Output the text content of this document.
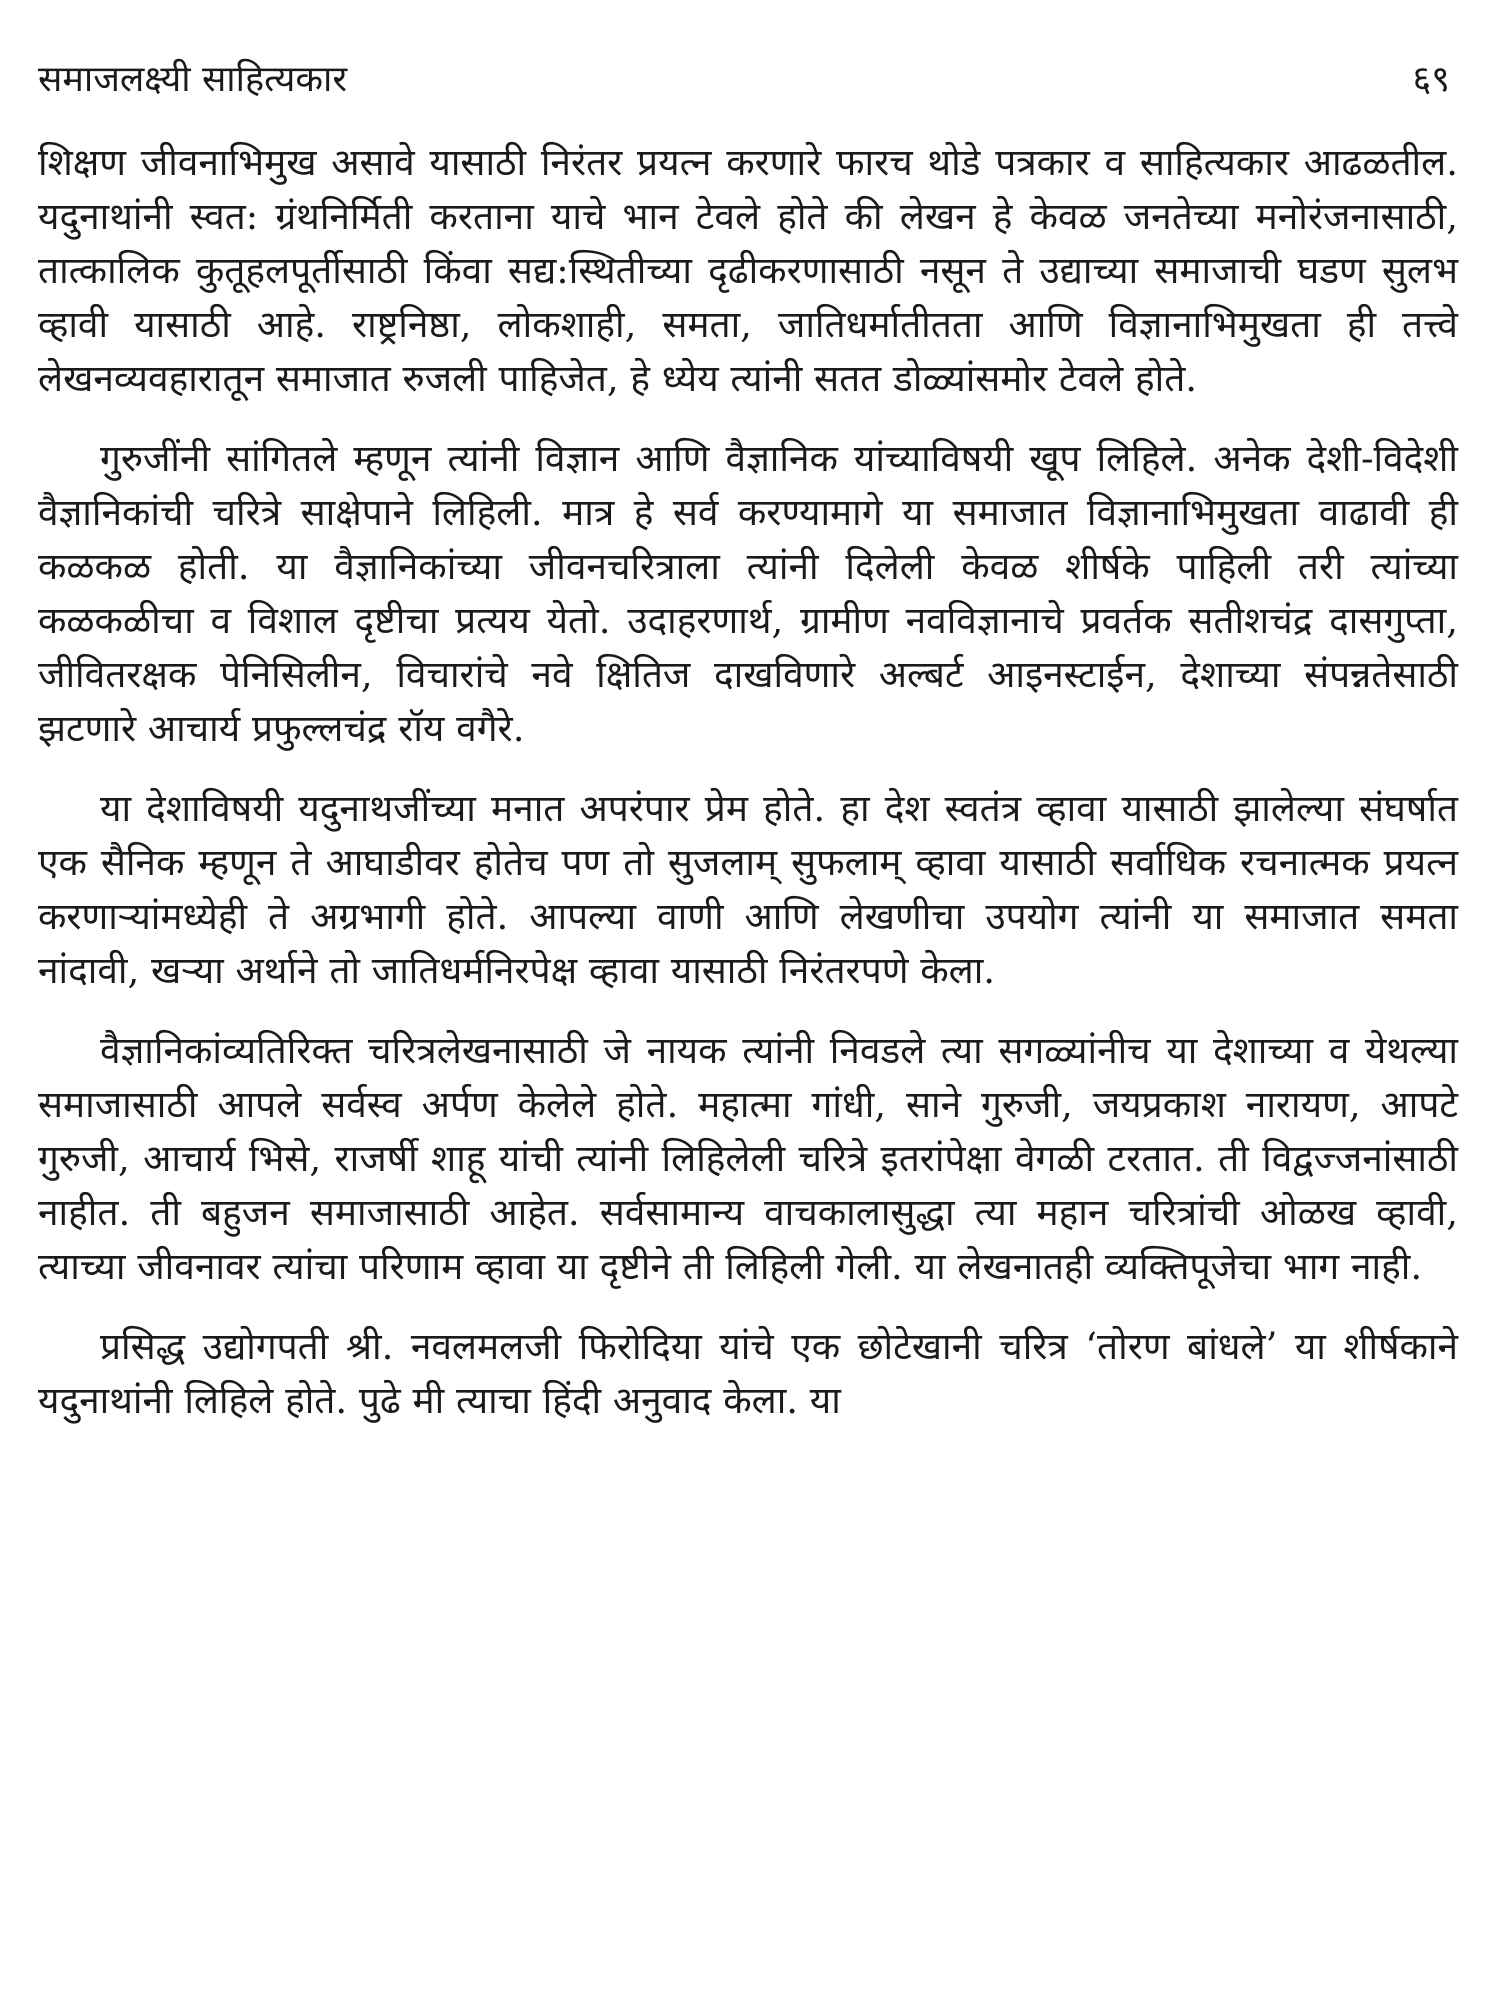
समाजलक्ष्यी साहित्यकार	६९

शिक्षण जीवनाभिमुख असावे यासाठी निरंतर प्रयत्न करणारे फारच थोडे पत्रकार व साहित्यकार आढळतील. यदुनाथांनी स्वत: ग्रंथनिर्मिती करताना याचे भान टेवले होते की लेखन हे केवळ जनतेच्या मनोरंजनासाठी, तात्कालिक कुतूहलपूर्तीसाठी किंवा सद्य:स्थितीच्या दृढीकरणासाठी नसून ते उद्याच्या समाजाची घडण सुलभ व्हावी यासाठी आहे. राष्ट्रनिष्ठा, लोकशाही, समता, जातिधर्मातीतता आणि विज्ञानाभिमुखता ही तत्त्वे लेखनव्यवहारातून समाजात रुजली पाहिजेत, हे ध्येय त्यांनी सतत डोळ्यांसमोर टेवले होते.

गुरुजींनी सांगितले म्हणून त्यांनी विज्ञान आणि वैज्ञानिक यांच्याविषयी खूप लिहिले. अनेक देशी-विदेशी वैज्ञानिकांची चरित्रे साक्षेपाने लिहिली. मात्र हे सर्व करण्यामागे या समाजात विज्ञानाभिमुखता वाढावी ही कळकळ होती. या वैज्ञानिकांच्या जीवनचरित्राला त्यांनी दिलेली केवळ शीर्षके पाहिली तरी त्यांच्या कळकळीचा व विशाल दृष्टीचा प्रत्यय येतो. उदाहरणार्थ, ग्रामीण नवविज्ञानाचे प्रवर्तक सतीशचंद्र दासगुप्ता, जीवितरक्षक पेनिसिलीन, विचारांचे नवे क्षितिज दाखविणारे अल्बर्ट आइनस्टाईन, देशाच्या संपन्नतेसाठी झटणारे आचार्य प्रफुल्लचंद्र रॉय वगैरे.

या देशाविषयी यदुनाथजींच्या मनात अपरंपार प्रेम होते. हा देश स्वतंत्र व्हावा यासाठी झालेल्या संघर्षात एक सैनिक म्हणून ते आघाडीवर होतेच पण तो सुजलाम् सुफलाम् व्हावा यासाठी सर्वाधिक रचनात्मक प्रयत्न करणाऱ्यांमध्येही ते अग्रभागी होते. आपल्या वाणी आणि लेखणीचा उपयोग त्यांनी या समाजात समता नांदावी, खऱ्या अर्थाने तो जातिधर्मनिरपेक्ष व्हावा यासाठी निरंतरपणे केला.

वैज्ञानिकांव्यतिरिक्त चरित्रलेखनासाठी जे नायक त्यांनी निवडले त्या सगळ्यांनीच या देशाच्या व येथल्या समाजासाठी आपले सर्वस्व अर्पण केलेले होते. महात्मा गांधी, साने गुरुजी, जयप्रकाश नारायण, आपटे गुरुजी, आचार्य भिसे, राजर्षी शाहू यांची त्यांनी लिहिलेली चरित्रे इतरांपेक्षा वेगळी टरतात. ती विद्वज्जनांसाठी नाहीत. ती बहुजन समाजासाठी आहेत. सर्वसामान्य वाचकालासुद्धा त्या महान चरित्रांची ओळख व्हावी, त्याच्या जीवनावर त्यांचा परिणाम व्हावा या दृष्टीने ती लिहिली गेली. या लेखनातही व्यक्तिपूजेचा भाग नाही.

प्रसिद्ध उद्योगपती श्री. नवलमलजी फिरोदिया यांचे एक छोटेखानी चरित्र ‘तोरण बांधले’ या शीर्षकाने यदुनाथांनी लिहिले होते. पुढे मी त्याचा हिंदी अनुवाद केला. या
